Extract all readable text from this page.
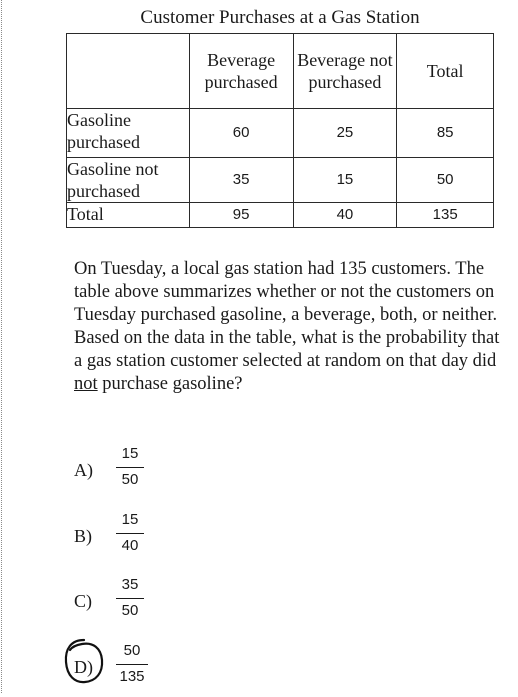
Customer Purchases at a Gas Station
	Beverage purchased	Beverage not purchased	Total
Gasoline purchased	60	25	85
Gasoline not purchased	35	15	50
Total	95	40	135
On Tuesday, a local gas station had 135 customers. The table above summarizes whether or not the customers on Tuesday purchased gasoline, a beverage, both, or neither. Based on the data in the table, what is the probability that a gas station customer selected at random on that day did not purchase gasoline?
A)
15
50
B)
15
40
C)
35
50
D)
50
135
